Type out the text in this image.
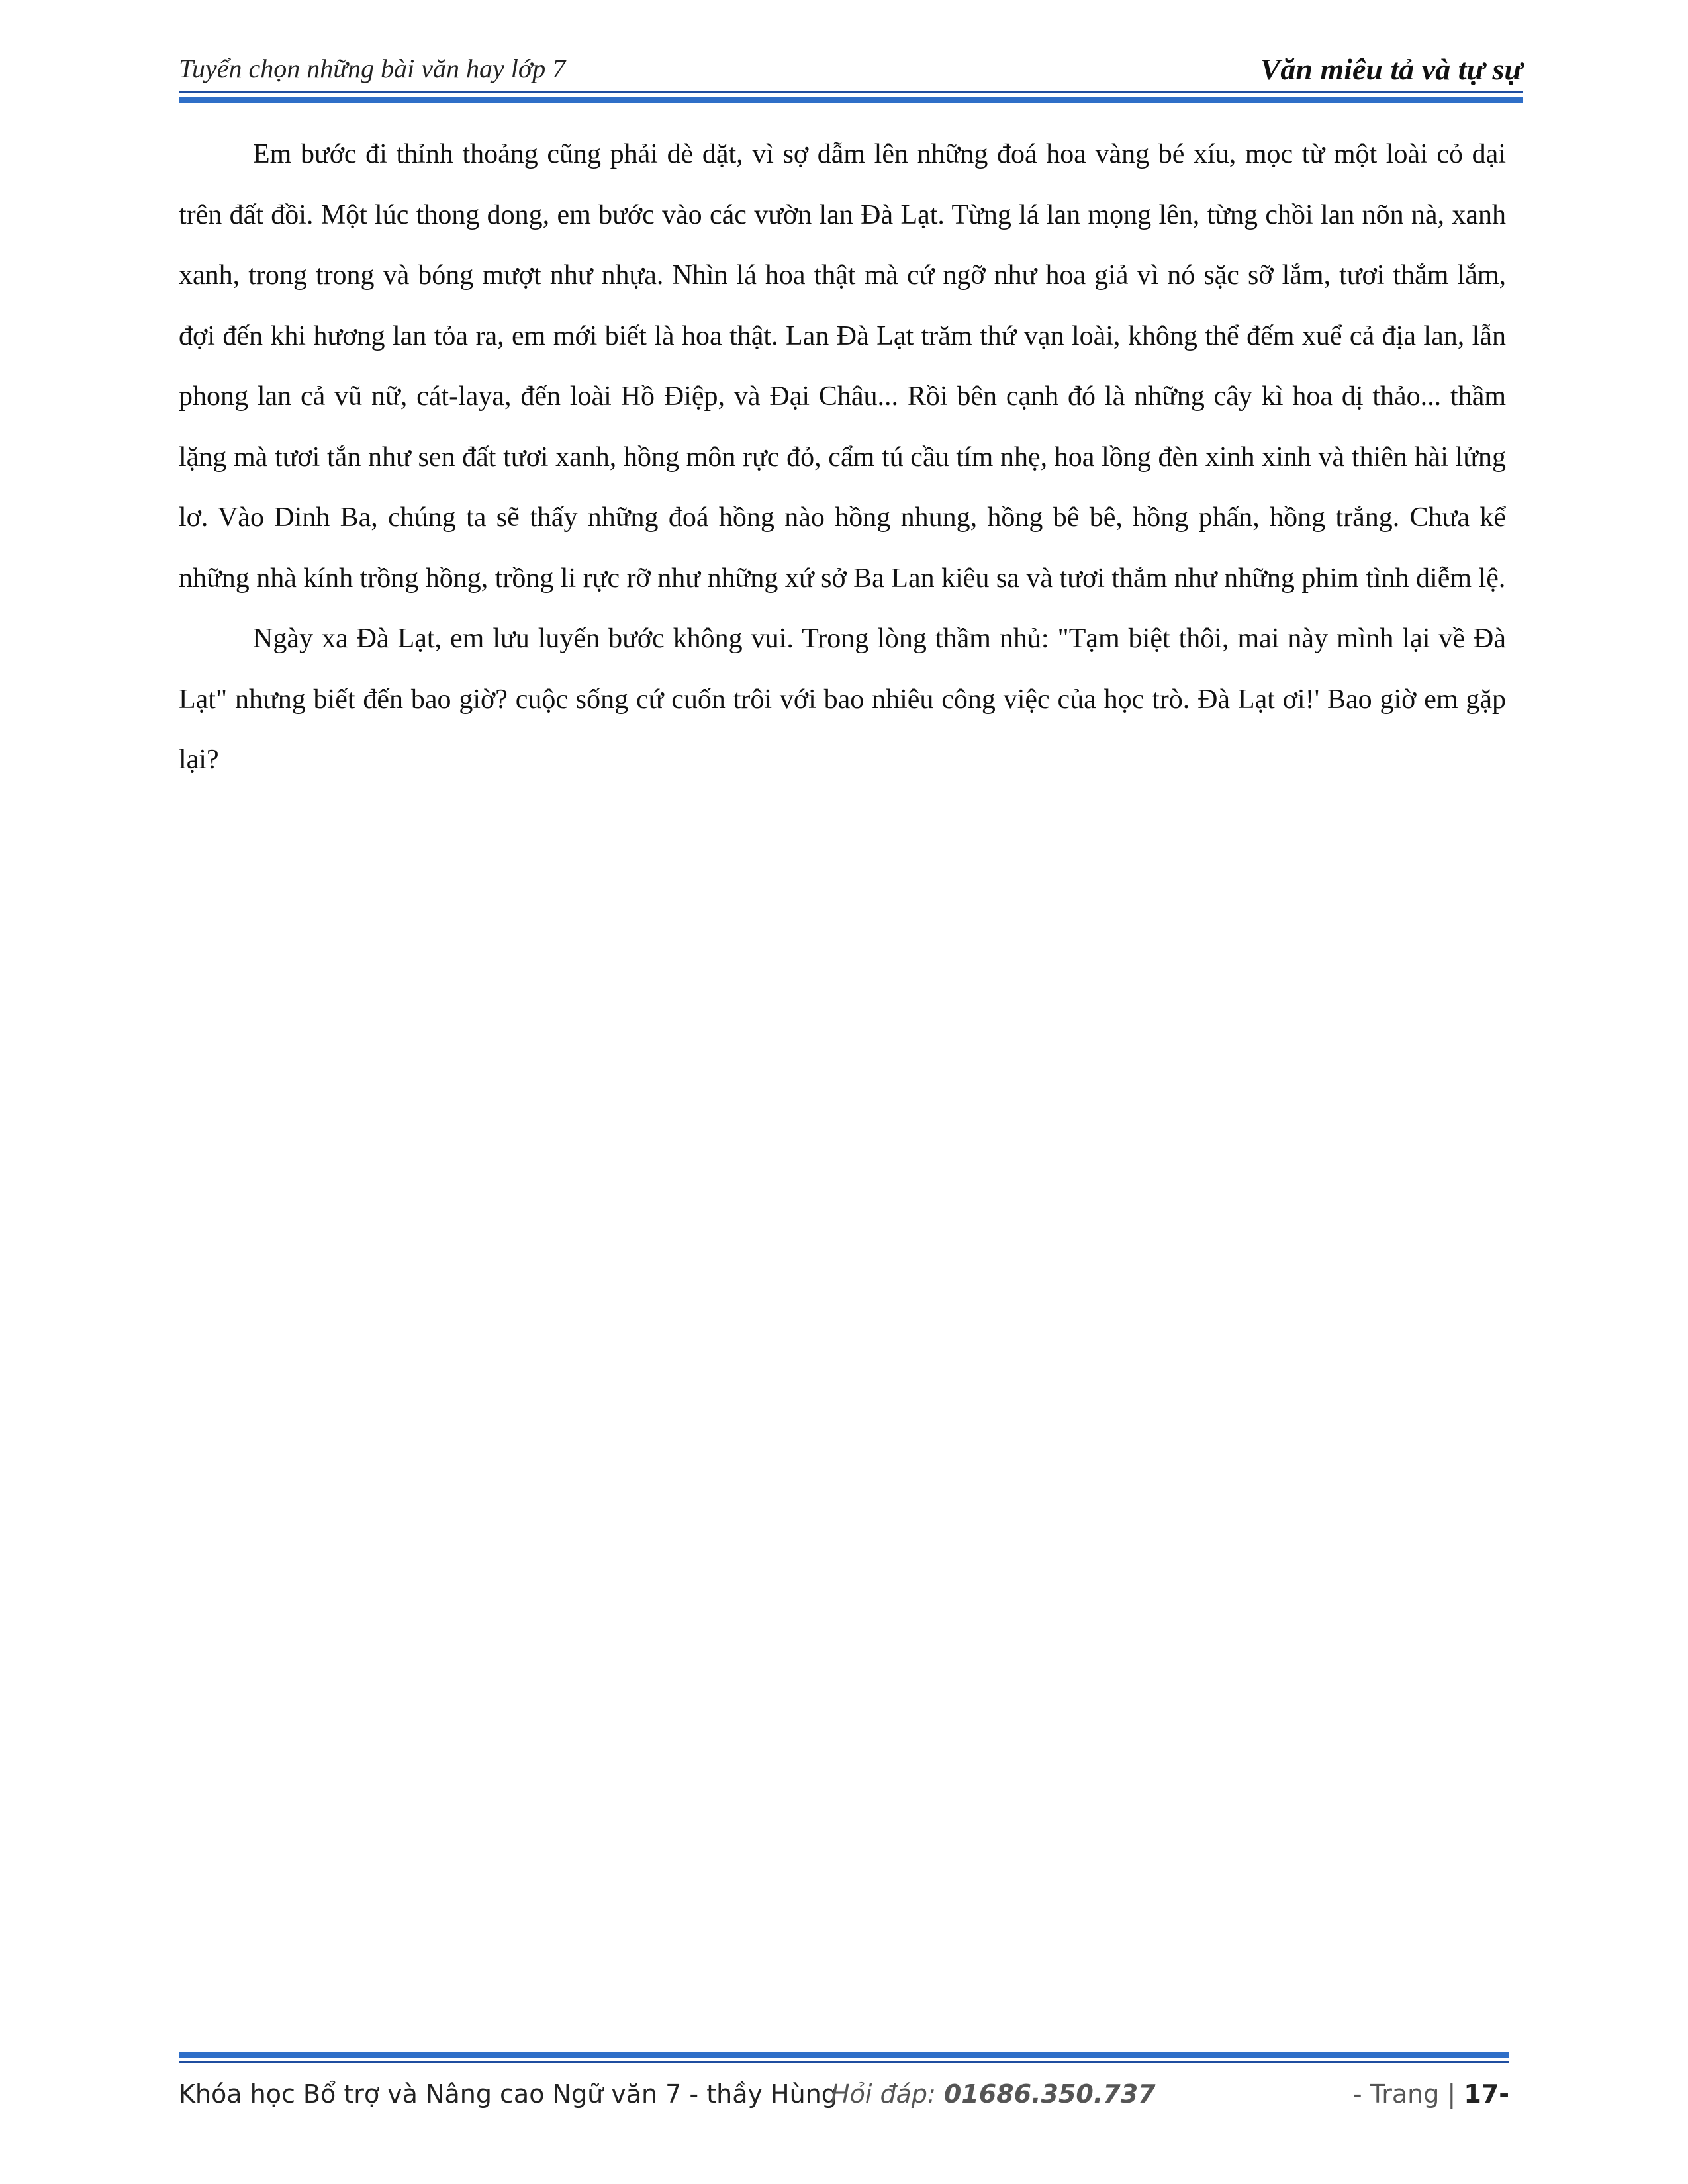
Tuyển chọn những bài văn hay lớp 7	Văn miêu tả và tự sự

Em bước đi thỉnh thoảng cũng phải dè dặt, vì sợ dẫm lên những đoá hoa vàng bé xíu, mọc từ một loài cỏ dại trên đất đồi. Một lúc thong dong, em bước vào các vườn lan Đà Lạt. Từng lá lan mọng lên, từng chồi lan nõn nà, xanh xanh, trong trong và bóng mượt như nhựa. Nhìn lá hoa thật mà cứ ngỡ như hoa giả vì nó sặc sỡ lắm, tươi thắm lắm, đợi đến khi hương lan tỏa ra, em mới biết là hoa thật. Lan Đà Lạt trăm thứ vạn loài, không thể đếm xuể cả địa lan, lẫn phong lan cả vũ nữ, cát-laya, đến loài Hồ Điệp, và Đại Châu... Rồi bên cạnh đó là những cây kì hoa dị thảo... thầm lặng mà tươi tắn như sen đất tươi xanh, hồng môn rực đỏ, cẩm tú cầu tím nhẹ, hoa lồng đèn xinh xinh và thiên hài lửng lơ. Vào Dinh Ba, chúng ta sẽ thấy những đoá hồng nào hồng nhung, hồng bê bê, hồng phấn, hồng trắng. Chưa kể những nhà kính trồng hồng, trồng li rực rỡ như những xứ sở Ba Lan kiêu sa và tươi thắm như những phim tình diễm lệ.

Ngày xa Đà Lạt, em lưu luyến bước không vui. Trong lòng thầm nhủ: "Tạm biệt thôi, mai này mình lại về Đà Lạt" nhưng biết đến bao giờ? cuộc sống cứ cuốn trôi với bao nhiêu công việc của học trò. Đà Lạt ơi!' Bao giờ em gặp lại?

Khóa học Bổ trợ và Nâng cao Ngữ văn 7 - thầy Hùng
Hỏi đáp: 01686.350.737	- Trang | 17-
